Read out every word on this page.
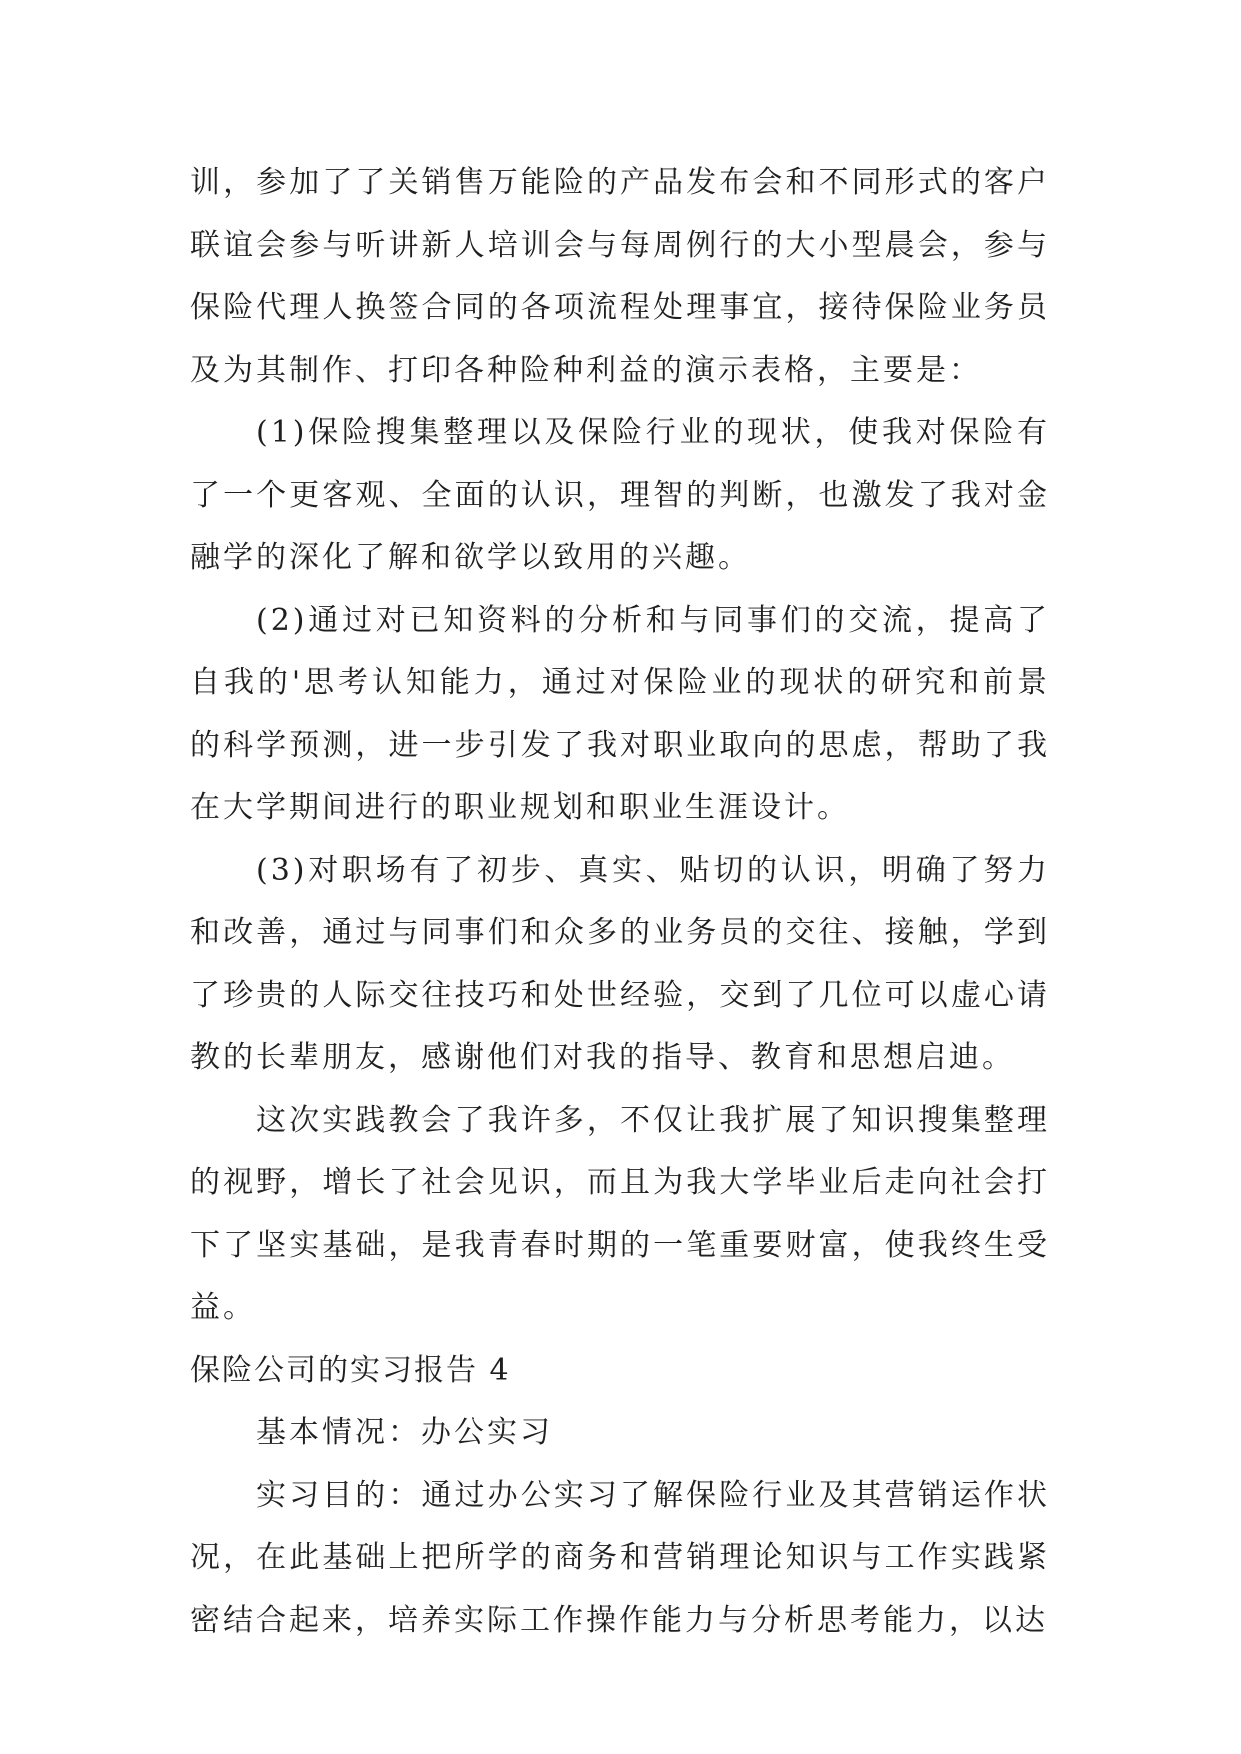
训，参加了了关销售万能险的产品发布会和不同形式的客户联谊会参与听讲新人培训会与每周例行的大小型晨会，参与保险代理人换签合同的各项流程处理事宜，接待保险业务员及为其制作、打印各种险种利益的演示表格，主要是：

(1)保险搜集整理以及保险行业的现状，使我对保险有了一个更客观、全面的认识，理智的判断，也激发了我对金融学的深化了解和欲学以致用的兴趣。

(2)通过对已知资料的分析和与同事们的交流，提高了自我的'思考认知能力，通过对保险业的现状的研究和前景的科学预测，进一步引发了我对职业取向的思虑，帮助了我在大学期间进行的职业规划和职业生涯设计。

(3)对职场有了初步、真实、贴切的认识，明确了努力和改善，通过与同事们和众多的业务员的交往、接触，学到了珍贵的人际交往技巧和处世经验，交到了几位可以虚心请教的长辈朋友，感谢他们对我的指导、教育和思想启迪。

这次实践教会了我许多，不仅让我扩展了知识搜集整理的视野，增长了社会见识，而且为我大学毕业后走向社会打下了坚实基础，是我青春时期的一笔重要财富，使我终生受益。

保险公司的实习报告 4

基本情况：办公实习

实习目的：通过办公实习了解保险行业及其营销运作状况，在此基础上把所学的商务和营销理论知识与工作实践紧密结合起来，培养实际工作操作能力与分析思考能力，以达
